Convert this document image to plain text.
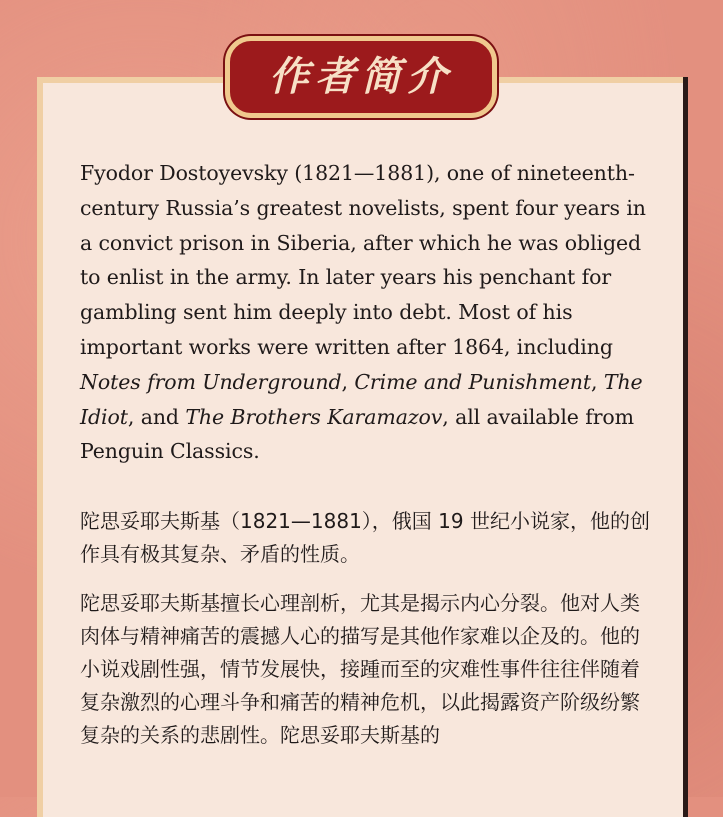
作者简介

Fyodor Dostoyevsky (1821—1881), one of nineteenth-century Russia’s greatest novelists, spent four years in a convict prison in Siberia, after which he was obliged to enlist in the army. In later years his penchant for gambling sent him deeply into debt. Most of his important works were written after 1864, including Notes from Underground, Crime and Punishment, The Idiot, and The Brothers Karamazov, all available from Penguin Classics.

陀思妥耶夫斯基（1821—1881），俄国 19 世纪小说家，他的创作具有极其复杂、矛盾的性质。

陀思妥耶夫斯基擅长心理剖析，尤其是揭示内心分裂。他对人类肉体与精神痛苦的震撼人心的描写是其他作家难以企及的。他的小说戏剧性强，情节发展快，接踵而至的灾难性事件往往伴随着复杂激烈的心理斗争和痛苦的精神危机，以此揭露资产阶级纷繁复杂的关系的悲剧性。陀思妥耶夫斯基的
